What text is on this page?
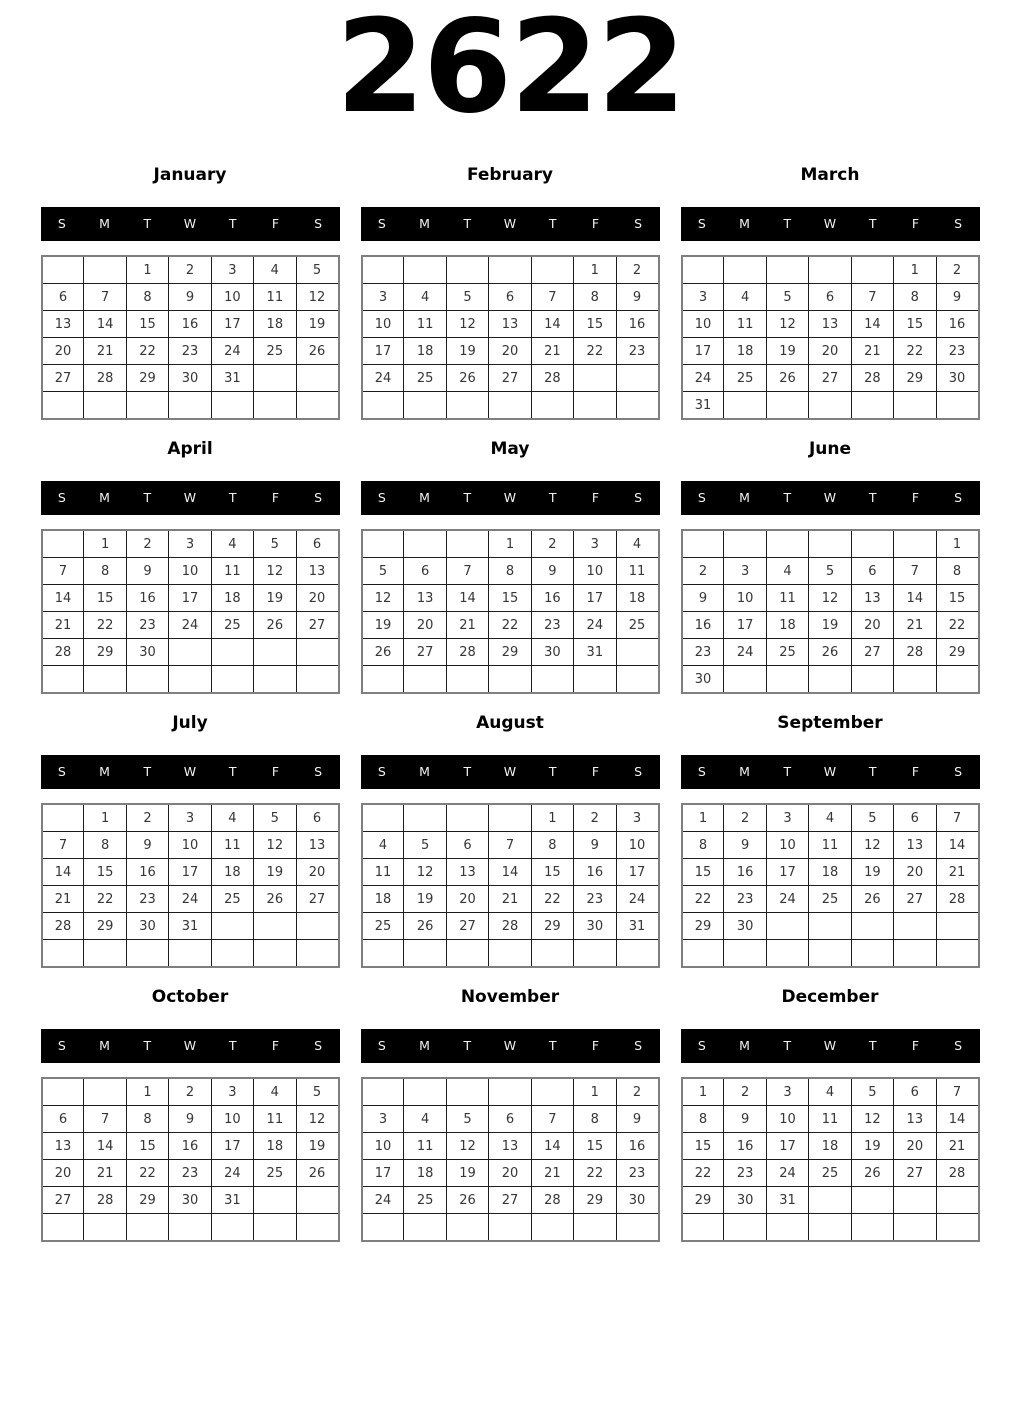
2622
January
S	M	T	W	T	F	S
		1	2	3	4	5
6	7	8	9	10	11	12
13	14	15	16	17	18	19
20	21	22	23	24	25	26
27	28	29	30	31		

February
S	M	T	W	T	F	S
					1	2
3	4	5	6	7	8	9
10	11	12	13	14	15	16
17	18	19	20	21	22	23
24	25	26	27	28		

March
S	M	T	W	T	F	S
					1	2
3	4	5	6	7	8	9
10	11	12	13	14	15	16
17	18	19	20	21	22	23
24	25	26	27	28	29	30
31						
April
S	M	T	W	T	F	S
	1	2	3	4	5	6
7	8	9	10	11	12	13
14	15	16	17	18	19	20
21	22	23	24	25	26	27
28	29	30				

May
S	M	T	W	T	F	S
			1	2	3	4
5	6	7	8	9	10	11
12	13	14	15	16	17	18
19	20	21	22	23	24	25
26	27	28	29	30	31	

June
S	M	T	W	T	F	S
						1
2	3	4	5	6	7	8
9	10	11	12	13	14	15
16	17	18	19	20	21	22
23	24	25	26	27	28	29
30						
July
S	M	T	W	T	F	S
	1	2	3	4	5	6
7	8	9	10	11	12	13
14	15	16	17	18	19	20
21	22	23	24	25	26	27
28	29	30	31			

August
S	M	T	W	T	F	S
				1	2	3
4	5	6	7	8	9	10
11	12	13	14	15	16	17
18	19	20	21	22	23	24
25	26	27	28	29	30	31

September
S	M	T	W	T	F	S
1	2	3	4	5	6	7
8	9	10	11	12	13	14
15	16	17	18	19	20	21
22	23	24	25	26	27	28
29	30					

October
S	M	T	W	T	F	S
		1	2	3	4	5
6	7	8	9	10	11	12
13	14	15	16	17	18	19
20	21	22	23	24	25	26
27	28	29	30	31		

November
S	M	T	W	T	F	S
					1	2
3	4	5	6	7	8	9
10	11	12	13	14	15	16
17	18	19	20	21	22	23
24	25	26	27	28	29	30

December
S	M	T	W	T	F	S
1	2	3	4	5	6	7
8	9	10	11	12	13	14
15	16	17	18	19	20	21
22	23	24	25	26	27	28
29	30	31				
